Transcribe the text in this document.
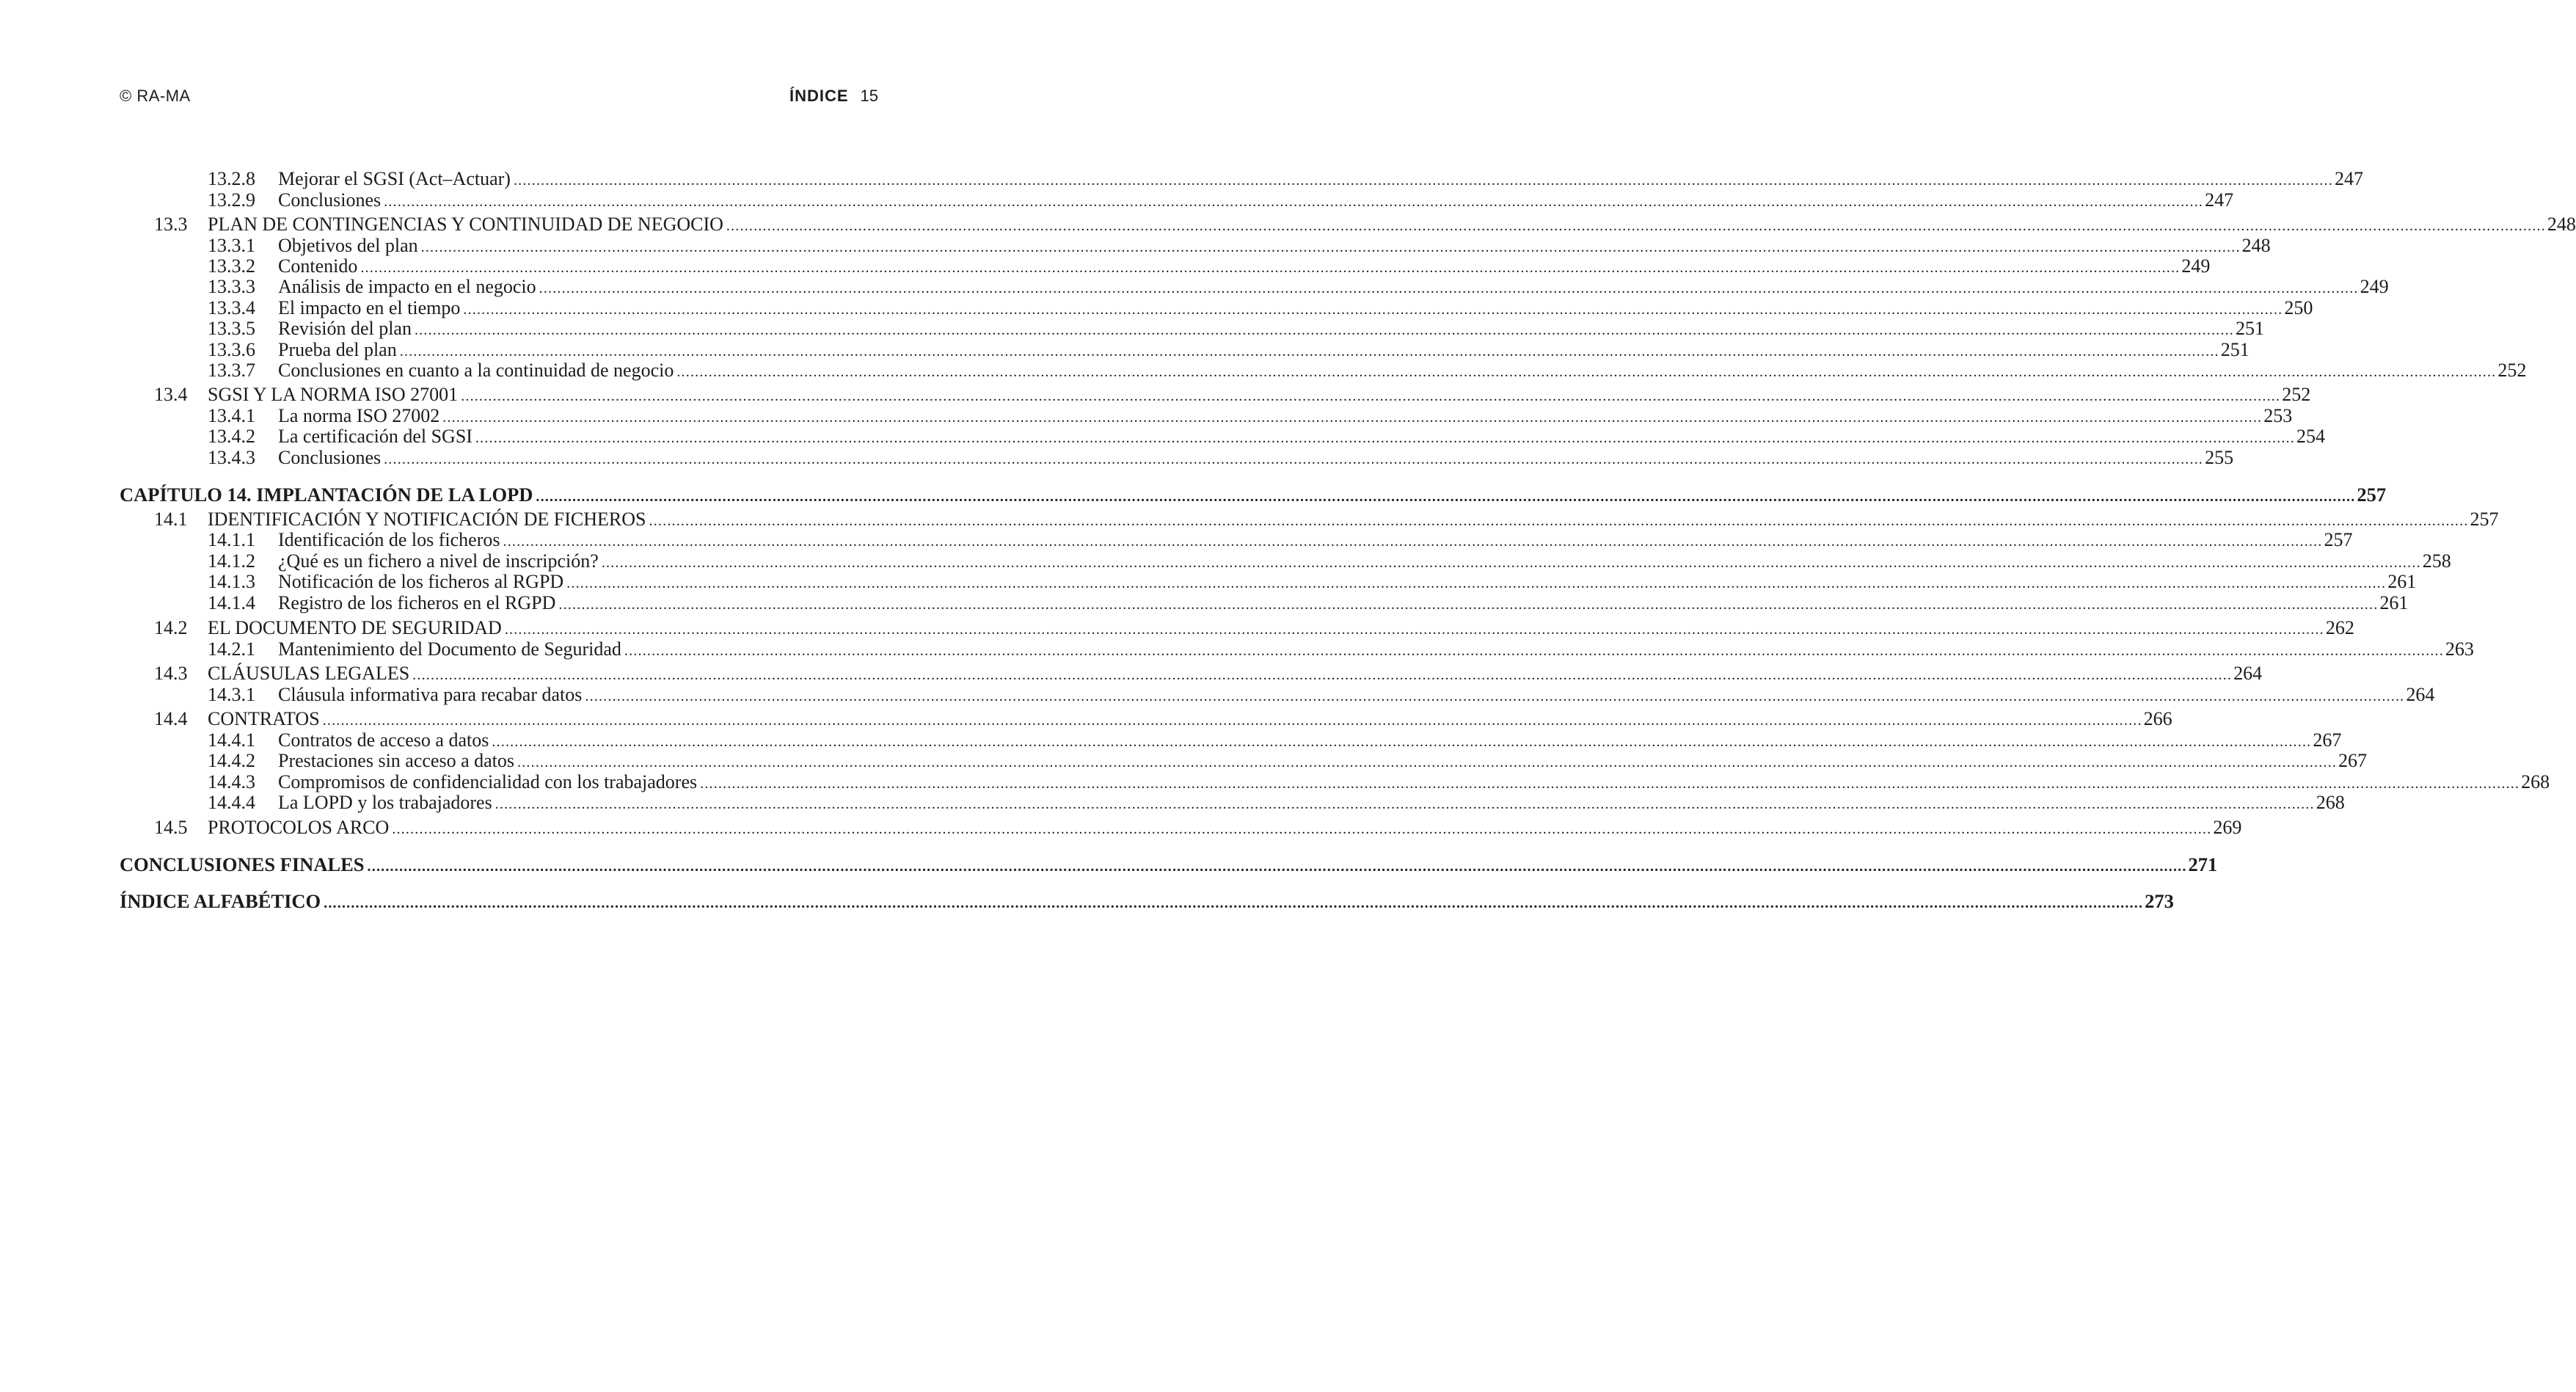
© RA-MA	ÍNDICE 15
13.2.8	Mejorar el SGSI (Act–Actuar) ................................................................................................................................................................................................................................................................................................................................................................................................................ 247
13.2.9	Conclusiones ................................................................................................................................................................................................................................................................................................................................................................................................................ 247
13.3	PLAN DE CONTINGENCIAS Y CONTINUIDAD DE NEGOCIO ................................................................................................................................................................................................................................................................................................................................................................................................................ 248
13.3.1	Objetivos del plan ................................................................................................................................................................................................................................................................................................................................................................................................................ 248
13.3.2	Contenido ................................................................................................................................................................................................................................................................................................................................................................................................................ 249
13.3.3	Análisis de impacto en el negocio ................................................................................................................................................................................................................................................................................................................................................................................................................ 249
13.3.4	El impacto en el tiempo ................................................................................................................................................................................................................................................................................................................................................................................................................ 250
13.3.5	Revisión del plan ................................................................................................................................................................................................................................................................................................................................................................................................................ 251
13.3.6	Prueba del plan ................................................................................................................................................................................................................................................................................................................................................................................................................ 251
13.3.7	Conclusiones en cuanto a la continuidad de negocio ................................................................................................................................................................................................................................................................................................................................................................................................................ 252
13.4	SGSI Y LA NORMA ISO 27001 ................................................................................................................................................................................................................................................................................................................................................................................................................ 252
13.4.1	La norma ISO 27002 ................................................................................................................................................................................................................................................................................................................................................................................................................ 253
13.4.2	La certificación del SGSI ................................................................................................................................................................................................................................................................................................................................................................................................................ 254
13.4.3	Conclusiones ................................................................................................................................................................................................................................................................................................................................................................................................................ 255
CAPÍTULO 14. IMPLANTACIÓN DE LA LOPD ................................................................................................................................................................................................................................................................................................................................................................................................................ 257
14.1	IDENTIFICACIÓN Y NOTIFICACIÓN DE FICHEROS ................................................................................................................................................................................................................................................................................................................................................................................................................ 257
14.1.1	Identificación de los ficheros ................................................................................................................................................................................................................................................................................................................................................................................................................ 257
14.1.2	¿Qué es un fichero a nivel de inscripción? ................................................................................................................................................................................................................................................................................................................................................................................................................ 258
14.1.3	Notificación de los ficheros al RGPD ................................................................................................................................................................................................................................................................................................................................................................................................................ 261
14.1.4	Registro de los ficheros en el RGPD ................................................................................................................................................................................................................................................................................................................................................................................................................ 261
14.2	EL DOCUMENTO DE SEGURIDAD ................................................................................................................................................................................................................................................................................................................................................................................................................ 262
14.2.1	Mantenimiento del Documento de Seguridad ................................................................................................................................................................................................................................................................................................................................................................................................................ 263
14.3	CLÁUSULAS LEGALES ................................................................................................................................................................................................................................................................................................................................................................................................................ 264
14.3.1	Cláusula informativa para recabar datos ................................................................................................................................................................................................................................................................................................................................................................................................................ 264
14.4	CONTRATOS ................................................................................................................................................................................................................................................................................................................................................................................................................ 266
14.4.1	Contratos de acceso a datos ................................................................................................................................................................................................................................................................................................................................................................................................................ 267
14.4.2	Prestaciones sin acceso a datos ................................................................................................................................................................................................................................................................................................................................................................................................................ 267
14.4.3	Compromisos de confidencialidad con los trabajadores ................................................................................................................................................................................................................................................................................................................................................................................................................ 268
14.4.4	La LOPD y los trabajadores ................................................................................................................................................................................................................................................................................................................................................................................................................ 268
14.5	PROTOCOLOS ARCO ................................................................................................................................................................................................................................................................................................................................................................................................................ 269
CONCLUSIONES FINALES ................................................................................................................................................................................................................................................................................................................................................................................................................ 271
ÍNDICE ALFABÉTICO ................................................................................................................................................................................................................................................................................................................................................................................................................ 273
